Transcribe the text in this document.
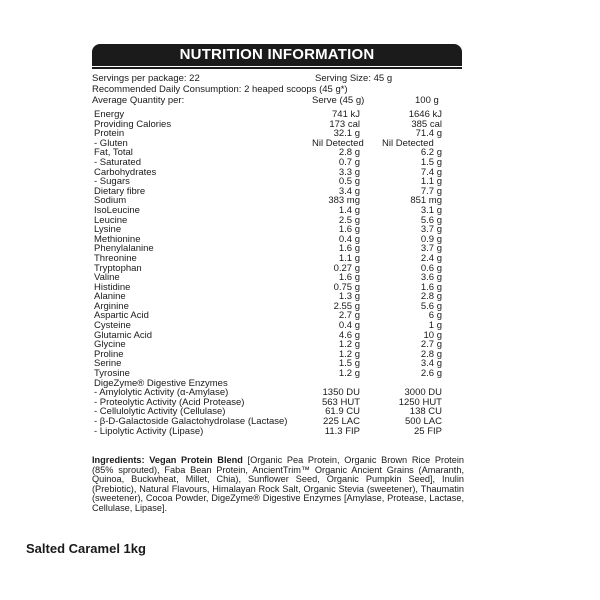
NUTRITION INFORMATION
Servings per package: 22	Serving Size: 45 g
Recommended Daily Consumption: 2 heaped scoops (45 g*)
Average Quantity per:	Serve (45 g)	100 g
Energy	741 kJ	1646 kJ
Providing Calories	173 cal	385 cal
Protein	32.1 g	71.4 g
- Gluten	Nil Detected Nil Detected
Fat, Total	2.8 g	6.2 g
- Saturated	0.7 g	1.5 g
Carbohydrates	3.3 g	7.4 g
- Sugars	0.5 g	1.1 g
Dietary fibre	3.4 g	7.7 g
Sodium	383 mg	851 mg
IsoLeucine	1.4 g	3.1 g
Leucine	2.5 g	5.6 g
Lysine	1.6 g	3.7 g
Methionine	0.4 g	0.9 g
Phenylalanine	1.6 g	3.7 g
Threonine	1.1 g	2.4 g
Tryptophan	0.27 g	0.6 g
Valine	1.6 g	3.6 g
Histidine	0.75 g	1.6 g
Alanine	1.3 g	2.8 g
Arginine	2.55 g	5.6 g
Aspartic Acid	2.7 g	6 g
Cysteine	0.4 g	1 g
Glutamic Acid	4.6 g	10 g
Glycine	1.2 g	2.7 g
Proline	1.2 g	2.8 g
Serine	1.5 g	3.4 g
Tyrosine	1.2 g	2.6 g
DigeZyme® Digestive Enzymes
- Amylolytic Activity (α-Amylase)	1350 DU	3000 DU
- Proteolytic Activity (Acid Protease)	563 HUT	1250 HUT
- Cellulolytic Activity (Cellulase)	61.9 CU	138 CU
- β-D-Galactoside Galactohydrolase (Lactase)	225 LAC	500 LAC
- Lipolytic Activity (Lipase)	11.3 FIP	25 FIP
Ingredients: Vegan Protein Blend [Organic Pea Protein, Organic Brown Rice Protein (85% sprouted), Faba Bean Protein, AncientTrim™ Organic Ancient Grains (Amaranth, Quinoa, Buckwheat, Millet, Chia), Sunflower Seed, Organic Pumpkin Seed], Inulin (Prebiotic), Natural Flavours, Himalayan Rock Salt, Organic Stevia (sweetener), Thaumatin (sweetener), Cocoa Powder, DigeZyme® Digestive Enzymes [Amylase, Protease, Lactase, Cellulase, Lipase].
Salted Caramel 1kg
